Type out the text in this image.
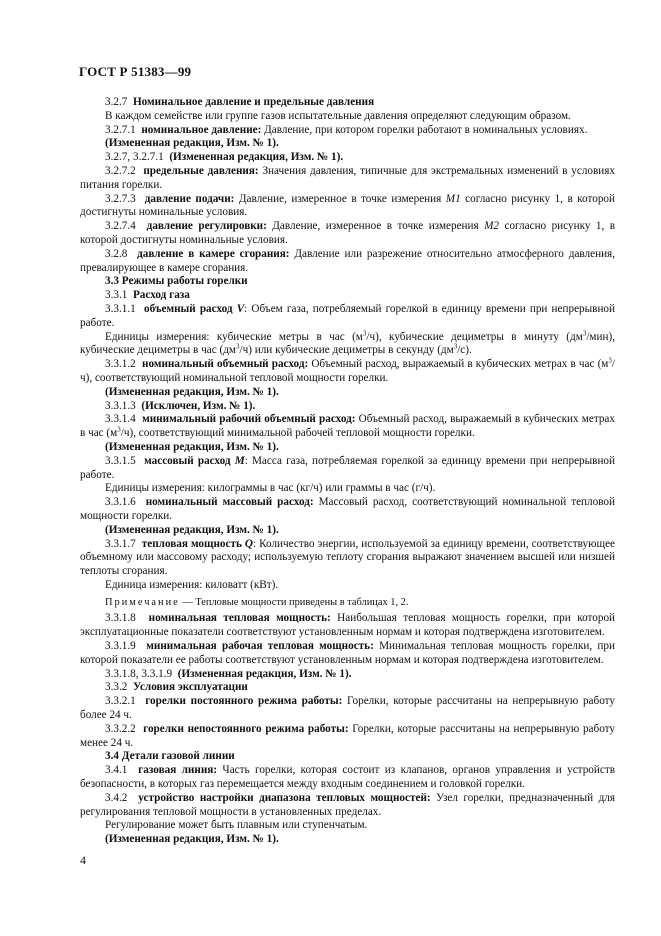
ГОСТ Р 51383—99

3.2.7 Номинальное давление и предельные давления

В каждом семействе или группе газов испытательные давления определяют следующим образом.

3.2.7.1 номинальное давление: Давление, при котором горелки работают в номинальных условиях.

(Измененная редакция, Изм. № 1).

3.2.7, 3.2.7.1 (Измененная редакция, Изм. № 1).

3.2.7.2 предельные давления: Значения давления, типичные для экстремальных изменений в условиях питания горелки.

3.2.7.3 давление подачи: Давление, измеренное в точке измерения M1 согласно рисунку 1, в которой достигнуты номинальные условия.

3.2.7.4 давление регулировки: Давление, измеренное в точке измерения M2 согласно рисунку 1, в которой достигнуты номинальные условия.

3.2.8 давление в камере сгорания: Давление или разрежение относительно атмосферного давления, превалирующее в камере сгорания.

3.3 Режимы работы горелки

3.3.1 Расход газа

3.3.1.1 объемный расход V: Объем газа, потребляемый горелкой в единицу времени при непрерывной работе.

Единицы измерения: кубические метры в час $(м^3/ч)$, кубические дециметры в минуту $(дм^3/мин)$, кубические дециметры в час $(дм^3/ч)$ или кубические дециметры в секунду $(дм^3/с)$.

3.3.1.2 номинальный объемный расход: Объемный расход, выражаемый в кубических метрах в час $(м^3/ч)$, соответствующий номинальной тепловой мощности горелки.

(Измененная редакция, Изм. № 1).

3.3.1.3 (Исключен, Изм. № 1).

3.3.1.4 минимальный рабочий объемный расход: Объемный расход, выражаемый в кубических метрах в час $(м^3/ч)$, соответствующий минимальной рабочей тепловой мощности горелки.

(Измененная редакция, Изм. № 1).

3.3.1.5 массовый расход M: Масса газа, потребляемая горелкой за единицу времени при непрерывной работе.

Единицы измерения: килограммы в час (кг/ч) или граммы в час (г/ч).

3.3.1.6 номинальный массовый расход: Массовый расход, соответствующий номинальной тепловой мощности горелки.

(Измененная редакция, Изм. № 1).

3.3.1.7 тепловая мощность Q: Количество энергии, используемой за единицу времени, соответствующее объемному или массовому расходу; используемую теплоту сгорания выражают значением высшей или низшей теплоты сгорания.

Единица измерения: киловатт (кВт).

Примечание — Тепловые мощности приведены в таблицах 1, 2.

3.3.1.8 номинальная тепловая мощность: Наибольшая тепловая мощность горелки, при которой эксплуатационные показатели соответствуют установленным нормам и которая подтверждена изготовителем.

3.3.1.9 минимальная рабочая тепловая мощность: Минимальная тепловая мощность горелки, при которой показатели ее работы соответствуют установленным нормам и которая подтверждена изготовителем.

3.3.1.8, 3.3.1.9 (Измененная редакция, Изм. № 1).

3.3.2 Условия эксплуатации

3.3.2.1 горелки постоянного режима работы: Горелки, которые рассчитаны на непрерывную работу более 24 ч.

3.3.2.2 горелки непостоянного режима работы: Горелки, которые рассчитаны на непрерывную работу менее 24 ч.

3.4 Детали газовой линии

3.4.1 газовая линия: Часть горелки, которая состоит из клапанов, органов управления и устройств безопасности, в которых газ перемещается между входным соединением и головкой горелки.

3.4.2 устройство настройки диапазона тепловых мощностей: Узел горелки, предназначенный для регулирования тепловой мощности в установленных пределах.

Регулирование может быть плавным или ступенчатым.

(Измененная редакция, Изм. № 1).

4
